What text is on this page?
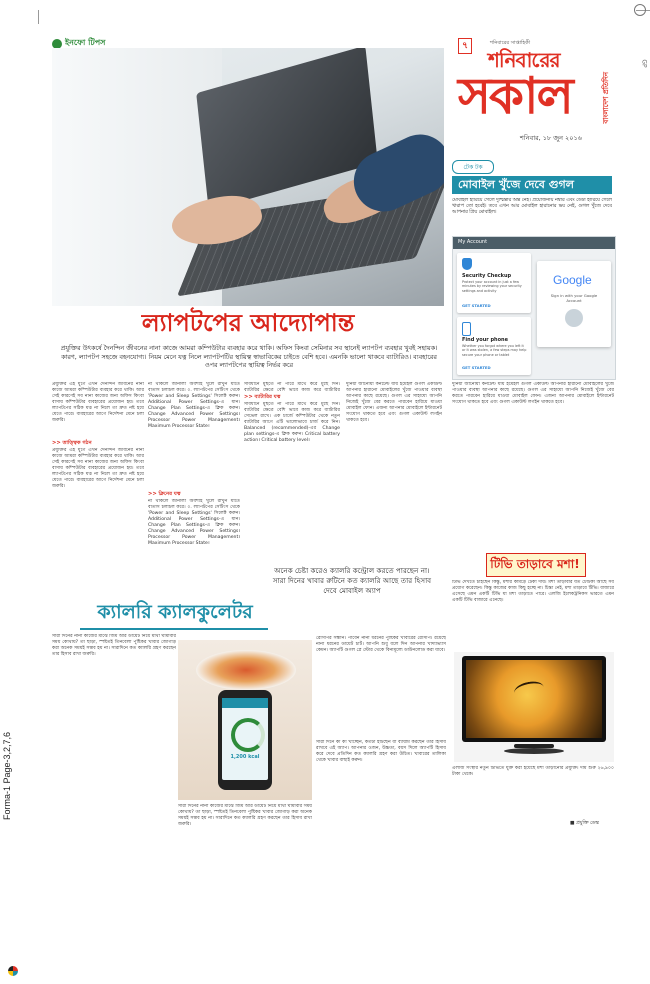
Forma-1 Page-3,2,7,6
GP
ইনফো টিপস	৭	শনিবারের সাপ্তাহিকী
শনিবারের
সকাল	বাংলাদেশ প্রতিদিন
শনিবার, ১৮ জুন ২০১৬
টেক টক
মোবাইল খুঁজে দেবে গুগল
মোবাইল হারিয়ে গেলে দুশ্চিন্তার অন্ত নেই। প্রয়োজনীয় নম্বার এবং ডেটা হারিয়ে গেলে খারাপ তো হবেই। তবে এখন আর মোবাইল হারানোর ভয় নেই, গুগল খুঁজে দেবে আপনার প্রিয় মোবাইল।
My Account
Security Checkup
Protect your account in just a few minutes by reviewing your security settings and activity
GET STARTED
Find your phone
Whether you forgot where you left it or it was stolen, a few steps may help secure your phone or tablet
GET STARTED
Google
Sign in with your Google Account
ল্যাপটপের আদ্যোপান্ত
প্রযুক্তির উৎকর্ষে দৈনন্দিন জীবনের নানা কাজে আমরা কম্পিউটার ব্যবহার করে থাকি। অফিস কিংবা সেমিনার সব স্থানেই ল্যাপটপ ব্যবহার খুবই সহায়ক। কারণ, ল্যাপটপ সহজে বহনযোগ্য। নিয়ম মেনে যত্ন নিলে ল্যাপটপটির স্থায়িত্ব স্বাভাবিকের চাইতে বেশি হবে। এমনকি ভালো থাকবে ব্যাটারিও। ব্যবহারের ওপর ল্যাপটপের স্থায়িত্ব নির্ভর করে
প্রযুক্তির এই যুগে এখন দৈনন্দিন জীবনের নানা কাজে আমরা কম্পিউটার ব্যবহার করে থাকি। আর সেই কারণেই সব নানা কাজের জন্য অফিস কিংবা বাসায় কম্পিউটার ব্যবহারের প্রয়োজন হয়। তবে ল্যাপটপের সঠিক যত্ন না নিলে তা দ্রুত নষ্ট হয়ে যেতে পারে। ব্যবহারের আগে নির্দেশনা মেনে চলা জরুরি।
>> তাত্ত্বিক গঠন
প্রযুক্তির এই যুগে এখন দৈনন্দিন জীবনের নানা কাজে আমরা কম্পিউটার ব্যবহার করে থাকি। আর সেই কারণেই সব নানা কাজের জন্য অফিস কিংবা বাসায় কম্পিউটার ব্যবহারের প্রয়োজন হয়। তবে ল্যাপটপের সঠিক যত্ন না নিলে তা দ্রুত নষ্ট হয়ে যেতে পারে। ব্যবহারের আগে নির্দেশনা মেনে চলা জরুরি।
না থাকলে জানালা অবশ্যই খুলে রাখুন যাতে বাতাস চলাচল করে। ০. ল্যাপটপের সেটিংস থেকে 'Power and Sleep Settings' সিলেক্ট করুন। Additional Power Settings-এ যান। Change Plan Settings-এ ক্লিক করুন। Change Advanced Power Settings। Processor Power Management। Maximum Processor State।
>> ক্লিনের যত্ন
না থাকলে জানালা অবশ্যই খুলে রাখুন যাতে বাতাস চলাচল করে। ০. ল্যাপটপের সেটিংস থেকে 'Power and Sleep Settings' সিলেক্ট করুন। Additional Power Settings-এ যান। Change Plan Settings-এ ক্লিক করুন। Change Advanced Power Settings। Processor Power Management। Maximum Processor State।
সাবধানে মুছতে না পারে মাথে করে মুছে দিন। ব্যাটারির ক্ষেত্রে বেশি ভাবে কাজ করে ব্যাটারির
>> ব্যাটারির যত্ন
সাবধানে মুছতে না পারে মাথে করে মুছে দিন। ব্যাটারির ক্ষেত্রে বেশি ভাবে কাজ করে ব্যাটারির সেভেল রাখে। এক চার্জে কম্পিউটার থেকে নতুন ব্যাটারির আগে এটি ভালোভাবে চার্জ করে নিন। Balanced (recommended)-এর Change plan settings-এ ক্লিক করুন। Critical battery action। Critical battery level।
দুনিয়া জানোয়া কনটেন্ট যায় ইমেইল গুগল একাউন্ট আপনার হারানো মোবাইলের খুঁজে পাওয়ার ব্যবস্থা আপনার কাছে রয়েছে। গুগল এর সাহায্যে আপনি নিজেই খুঁজে বের করতে পারবেন হারিয়ে যাওয়া মোবাইল ফোন। এজন্য আপনার মোবাইলে ইন্টারনেট সংযোগ থাকতে হবে এবং গুগল একাউন্ট লগইন থাকতে হবে।
দুনিয়া জানোয়া কনটেন্ট যায় ইমেইল গুগল একাউন্ট আপনার হারানো মোবাইলের খুঁজে পাওয়ার ব্যবস্থা আপনার কাছে রয়েছে। গুগল এর সাহায্যে আপনি নিজেই খুঁজে বের করতে পারবেন হারিয়ে যাওয়া মোবাইল ফোন। এজন্য আপনার মোবাইলে ইন্টারনেট সংযোগ থাকতে হবে এবং গুগল একাউন্ট লগইন থাকতে হবে।
টিভি তাড়াবে মশা!
টিভি দেখতে চাইছেন কিন্তু, মশার কামড়ে টেকা দায়। মশা তাড়াবার যত টোটকা আছে সব প্রয়োগ করেছেন। কিন্তু কাজের কাজ কিছু হচ্ছে না। চিন্তা নেই, মশা তাড়াবে টিভি। বাজারে এসেছে এমন একটি টিভি যা মশা তাড়াতে পারে। এলজি ইলেকট্রনিকস ভারতে এমন একটি টিভি বাজারে এনেছে।
এলজি সংস্থার নতুন টিভিতে যুক্ত করা হয়েছে মশা তাড়ানোর প্রযুক্তি। দাম শুরু ২৬,৯০০ টাকা থেকে।
■ প্রযুক্তি ডেস্ক
অনেক চেষ্টা করেও ক্যালরি কন্ট্রোল করতে পারছেন না। সারা দিনের খাবার রুটিনে কত ক্যালরি আছে তার হিসাব দেবে মোবাইল অ্যাপ
ক্যালরি ক্যালকুলেটর
সারা দিনের নানা কাজের মাঝে জিম আর ডায়েট নিয়ে মাথা ঘামাবার সময় কোথায়? তা ছাড়া, স্পষ্টতই তিনবেলা পুষ্টিকর খাবার জোগাড় করা অনেক সময়ই সম্ভব হয় না। সারাদিনে কত ক্যালরি গ্রহণ করছেন তার হিসাব রাখা জরুরি।
1,200 kcal
রেসিপির সন্ধান। পাবেন নানা ধরনের পুষ্টিকর খাবারের রেসিপি। রয়েছে নানা ধরনের ডায়েট চার্ট। আপনি শুধু বলে দিন আপনার খাদ্যাভ্যাস কেমন। অ্যাপটি গুগল প্লে স্টোর থেকে বিনামূল্যে ডাউনলোড করা যাবে।
সারা দিনে কী কী খাচ্ছেন, কতটা হাঁটছেন বা ব্যায়াম করছেন তার হিসাব রাখবে এই অ্যাপ। আপনার ওজন, উচ্চতা, বয়স দিলে অ্যাপটি হিসাব করে দেবে প্রতিদিন কত ক্যালরি গ্রহণ করা উচিত। খাবারের তালিকা থেকে খাবার বাছাই করুন।
সারা দিনের নানা কাজের মাঝে জিম আর ডায়েট নিয়ে মাথা ঘামাবার সময় কোথায়? তা ছাড়া, স্পষ্টতই তিনবেলা পুষ্টিকর খাবার জোগাড় করা অনেক সময়ই সম্ভব হয় না। সারাদিনে কত ক্যালরি গ্রহণ করছেন তার হিসাব রাখা জরুরি।
